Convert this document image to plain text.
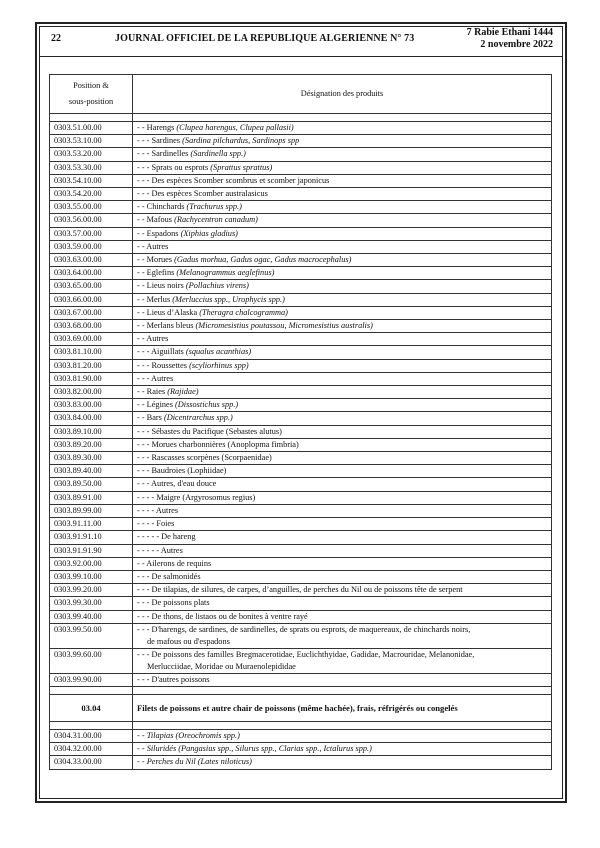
22	JOURNAL OFFICIEL DE LA REPUBLIQUE ALGERIENNE N° 73
7 Rabie Ethani 1444
2 novembre 2022
Position &
sous-position	Désignation des produits

0303.51.00.00	- - Harengs (Clupea harengus, Clupea pallasii)
0303.53.10.00	- - - Sardines (Sardina pilchardus, Sardinops spp
0303.53.20.00	- - - Sardinelles (Sardinella spp.)
0303.53.30.00	- - - Sprats ou esprots (Sprattus sprattus)
0303.54.10.00	- - - Des espèces Scomber scombrus et scomber japonicus
0303.54.20.00	- - - Des espèces Scomber australasicus
0303.55.00.00	- - Chinchards (Trachurus spp.)
0303.56.00.00	- - Mafous (Rachycentron canadum)
0303.57.00.00	- - Espadons (Xiphias gladius)
0303.59.00.00	- - Autres
0303.63.00.00	- - Morues (Gadus morhua, Gadus ogac, Gadus macrocephalus)
0303.64.00.00	- - Eglefins (Melanogrammus aeglefinus)
0303.65.00.00	- - Lieus noirs (Pollachius virens)
0303.66.00.00	- - Merlus (Merluccius spp., Urophycis spp.)
0303.67.00.00	- - Lieus d’Alaska (Theragra chalcogramma)
0303.68.00.00	- - Merlans bleus (Micromesistius poutassou, Micromesistius australis)
0303.69.00.00	- - Autres
0303.81.10.00	- - - Aiguillats (squalus acanthias)
0303.81.20.00	- - - Roussettes (scyliorhinus spp)
0303.81.90.00	- - - Autres
0303.82.00.00	- - Raies (Rajidae)
0303.83.00.00	- - Légines (Dissostichus spp.)
0303.84.00.00	- - Bars (Dicentrarchus spp.)
0303.89.10.00	- - - Sébastes du Pacifique (Sebastes alutus)
0303.89.20.00	- - - Morues charbonnières (Anoplopma fimbria)
0303.89.30.00	- - - Rascasses scorpènes (Scorpaenidae)
0303.89.40.00	- - - Baudroies (Lophiidae)
0303.89.50.00	- - - Autres, d'eau douce
0303.89.91.00	- - - - Maigre (Argyrosomus regius)
0303.89.99.00	- - - - Autres
0303.91.11.00	- - - - Foies
0303.91.91.10	- - - - - De hareng
0303.91.91.90	- - - - - Autres
0303.92.00.00	- - Ailerons de requins
0303.99.10.00	- - - De salmonidés
0303.99.20.00	- - - De tilapias, de silures, de carpes, d’anguilles, de perches du Nil ou de poissons tête de serpent
0303.99.30.00	- - - De poissons plats
0303.99.40.00	- - - De thons, de listaos ou de bonites à ventre rayé
0303.99.50.00	- - - D'harengs, de sardines, de sardinelles, de sprats ou esprots, de maquereaux, de chinchards noirs,
de mafous ou d'espadons
0303.99.60.00	- - - De poissons des familles Bregmacerotidae, Euclichthyidae, Gadidae, Macrouridae, Melanonidae,
Merlucciidae, Moridae ou Muraenolepididae
0303.99.90.00	- - - D'autres poissons

03.04	Filets de poissons et autre chair de poissons (même hachée), frais, réfrigérés ou congelés

0304.31.00.00	- - Tilapias (Oreochromis spp.)
0304.32.00.00	- - Siluridés (Pangasius spp., Silurus spp., Clarias spp., Ictalurus spp.)
0304.33.00.00	- - Perches du Nil (Lates niloticus)
